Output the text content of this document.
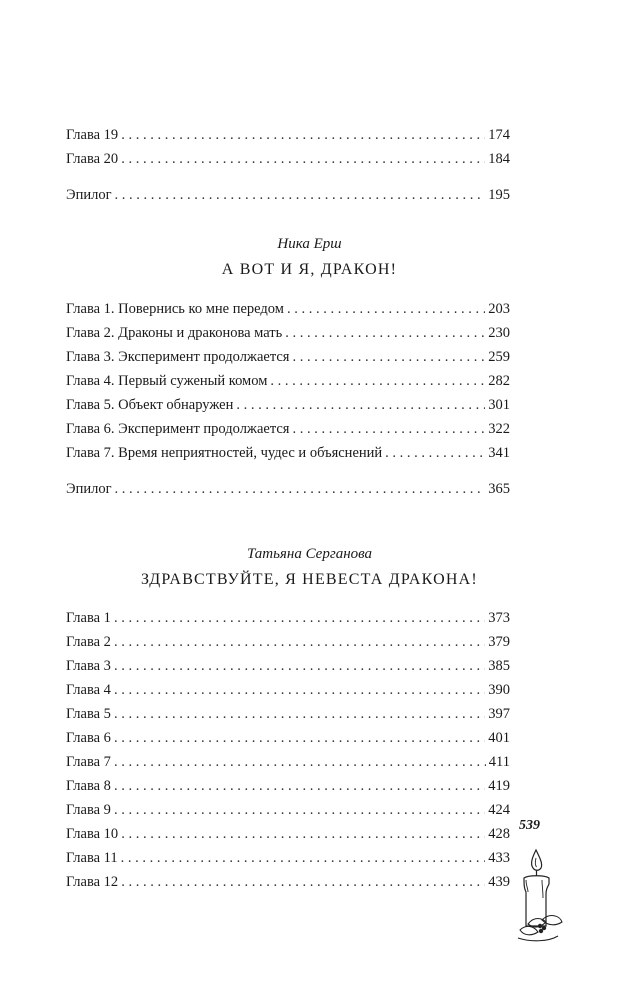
Глава 19 . . .	174
Глава 20 . . .	184
Эпилог . . .	195
Ника Ерш
А ВОТ И Я, ДРАКОН!
Глава 1. Повернись ко мне передом . . .	203
Глава 2. Драконы и драконова мать . . .	230
Глава 3. Эксперимент продолжается . . .	259
Глава 4. Первый суженый комом . . .	282
Глава 5. Объект обнаружен . . .	301
Глава 6. Эксперимент продолжается . . .	322
Глава 7. Время неприятностей, чудес и объяснений . . .	341
Эпилог . . .	365
Татьяна Серганова
ЗДРАВСТВУЙТЕ, Я НЕВЕСТА ДРАКОНА!
Глава 1 . . .	373
Глава 2 . . .	379
Глава 3 . . .	385
Глава 4 . . .	390
Глава 5 . . .	397
Глава 6 . . .	401
Глава 7 . . .	411
Глава 8 . . .	419
Глава 9 . . .	424
Глава 10 . . .	428
Глава 11 . . .	433
Глава 12 . . .	439
539
